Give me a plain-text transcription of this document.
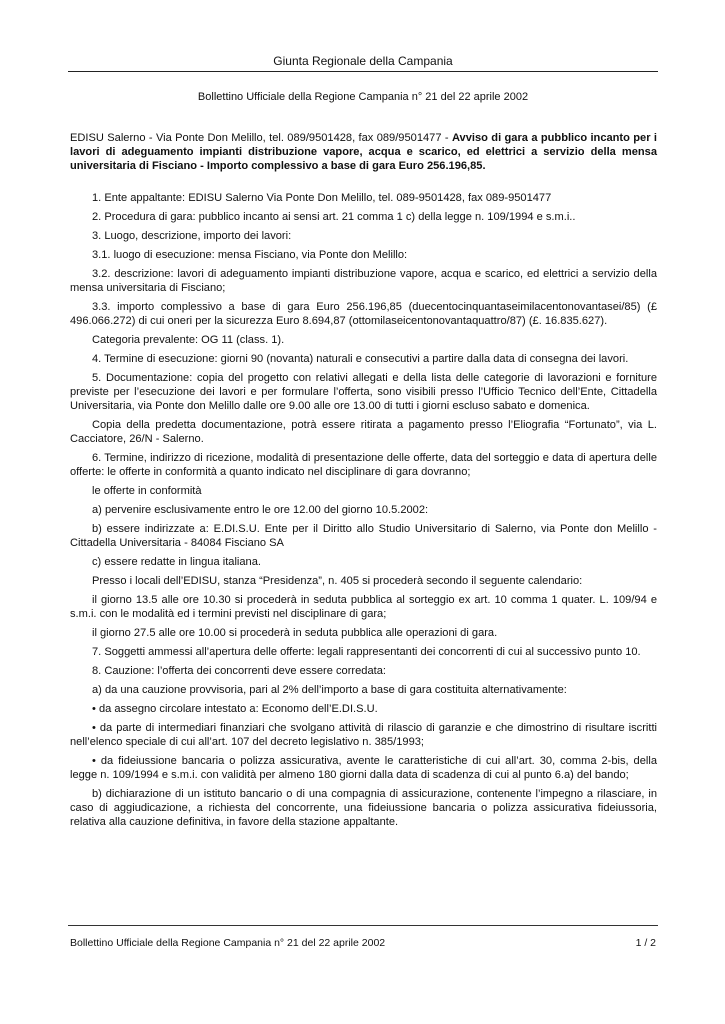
Giunta Regionale della Campania
Bollettino Ufficiale della Regione Campania n° 21 del 22 aprile 2002

EDISU Salerno - Via Ponte Don Melillo, tel. 089/9501428, fax 089/9501477 - Avviso di gara a pubblico incanto per i lavori di adeguamento impianti distribuzione vapore, acqua e scarico, ed elettrici a servizio della mensa universitaria di Fisciano - Importo complessivo a base di gara Euro 256.196,85.

1. Ente appaltante: EDISU Salerno Via Ponte Don Melillo, tel. 089-9501428, fax 089-9501477

2. Procedura di gara: pubblico incanto ai sensi art. 21 comma 1 c) della legge n. 109/1994 e s.m.i..

3. Luogo, descrizione, importo dei lavori:

3.1. luogo di esecuzione: mensa Fisciano, via Ponte don Melillo:

3.2. descrizione: lavori di adeguamento impianti distribuzione vapore, acqua e scarico, ed elettrici a servizio della mensa universitaria di Fisciano;

3.3. importo complessivo a base di gara Euro 256.196,85 (duecentocinquantaseimilacentonovantasei/85) (£ 496.066.272) di cui oneri per la sicurezza Euro 8.694,87 (ottomilaseicentonovantaquattro/87) (£. 16.835.627).

Categoria prevalente: OG 11 (class. 1).

4. Termine di esecuzione: giorni 90 (novanta) naturali e consecutivi a partire dalla data di consegna dei lavori.

5. Documentazione: copia del progetto con relativi allegati e della lista delle categorie di lavorazioni e forniture previste per l’esecuzione dei lavori e per formulare l’offerta, sono visibili presso l’Ufficio Tecnico dell’Ente, Cittadella Universitaria, via Ponte don Melillo dalle ore 9.00 alle ore 13.00 di tutti i giorni escluso sabato e domenica.

Copia della predetta documentazione, potrà essere ritirata a pagamento presso l’Eliografia “Fortunato”, via L. Cacciatore, 26/N - Salerno.

6. Termine, indirizzo di ricezione, modalità di presentazione delle offerte, data del sorteggio e data di apertura delle offerte: le offerte in conformità a quanto indicato nel disciplinare di gara dovranno;

le offerte in conformità

a) pervenire esclusivamente entro le ore 12.00 del giorno 10.5.2002:

b) essere indirizzate a: E.DI.S.U. Ente per il Diritto allo Studio Universitario di Salerno, via Ponte don Melillo - Cittadella Universitaria - 84084 Fisciano SA

c) essere redatte in lingua italiana.

Presso i locali dell’EDISU, stanza “Presidenza”, n. 405 si procederà secondo il seguente calendario:

il giorno 13.5 alle ore 10.30 si procederà in seduta pubblica al sorteggio ex art. 10 comma 1 quater. L. 109/94 e s.m.i. con le modalità ed i termini previsti nel disciplinare di gara;

il giorno 27.5 alle ore 10.00 si procederà in seduta pubblica alle operazioni di gara.

7. Soggetti ammessi all’apertura delle offerte: legali rappresentanti dei concorrenti di cui al successivo punto 10.

8. Cauzione: l’offerta dei concorrenti deve essere corredata:

a) da una cauzione provvisoria, pari al 2% dell’importo a base di gara costituita alternativamente:

• da assegno circolare intestato a: Economo dell’E.DI.S.U.

• da parte di intermediari finanziari che svolgano attività di rilascio di garanzie e che dimostrino di risultare iscritti nell’elenco speciale di cui all’art. 107 del decreto legislativo n. 385/1993;

• da fideiussione bancaria o polizza assicurativa, avente le caratteristiche di cui all’art. 30, comma 2-bis, della legge n. 109/1994 e s.m.i. con validità per almeno 180 giorni dalla data di scadenza di cui al punto 6.a) del bando;

b) dichiarazione di un istituto bancario o di una compagnia di assicurazione, contenente l’impegno a rilasciare, in caso di aggiudicazione, a richiesta del concorrente, una fideiussione bancaria o polizza assicurativa fideiussoria, relativa alla cauzione definitiva, in favore della stazione appaltante.

Bollettino Ufficiale della Regione Campania n° 21 del 22 aprile 2002	1 / 2
